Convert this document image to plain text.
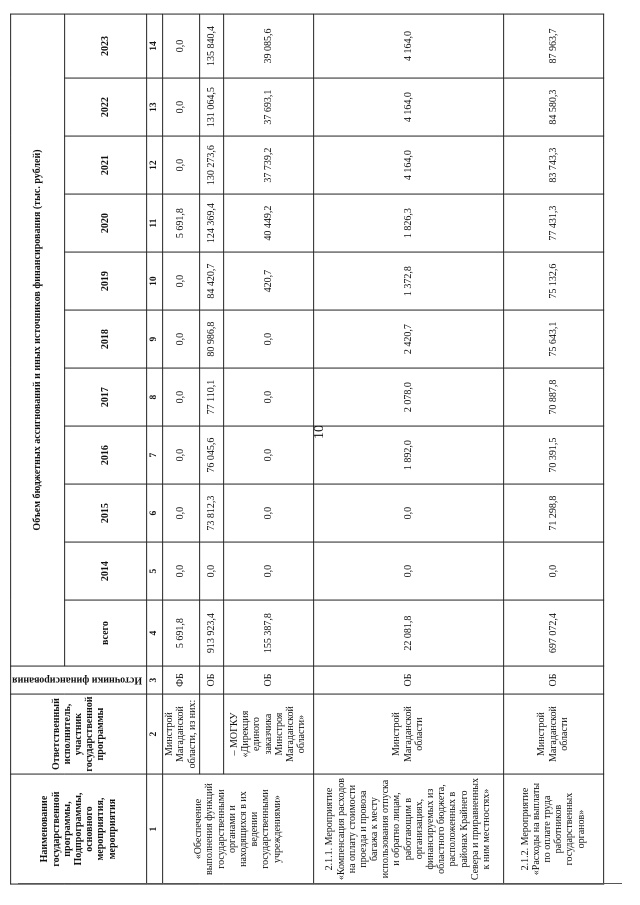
10
Наименование государственной программы, Подпрограммы, основного мероприятия, мероприятия	Ответственный исполнитель, участник государственной программы	Источники финансирования	Объем бюджетных ассигнований и иных источников финансирования (тыс. рублей)										
			всего	2014	2015	2016	2017	2018	2019	2020	2021	2022	2023
1	2	3	4	5	6	7	8	9	10	11	12	13	14
«Обеспечение выполнения функций государственными органами и находящихся в их ведении государственными учреждениями»	Минстрой Магаданской области, из них:	ФБ	5 691,8	0,0	0,0	0,0	0,0	0,0	0,0	5 691,8	0,0	0,0	0,0
		ОБ	913 923,4	0,0	73 812,3	76 045,6	77 110,1	80 986,8	84 420,7	124 369,4	130 273,6	131 064,5	135 840,4
	– МОГКУ «Дирекция единого заказчика Минстроя Магаданской области»	ОБ	155 387,8	0,0	0,0	0,0	0,0	0,0	420,7	40 449,2	37 739,2	37 693,1	39 085,6
2.1.1. Мероприятие «Компенсация расходов на оплату стоимости проезда и провоза багажа к месту использования отпуска и обратно лицам, работающим в организациях, финансируемых из областного бюджета, расположенных в районах Крайнего Севера и приравненных к ним местностях»	Минстрой Магаданской области	ОБ	22 081,8	0,0	0,0	1 892,0	2 078,0	2 420,7	1 372,8	1 826,3	4 164,0	4 164,0	4 164,0
2.1.2. Мероприятие «Расходы на выплаты по оплате труда работников государственных органов»	Минстрой Магаданской области	ОБ	697 072,4	0,0	71 298,8	70 391,5	70 887,8	75 643,1	75 132,6	77 431,3	83 743,3	84 580,3	87 963,7
